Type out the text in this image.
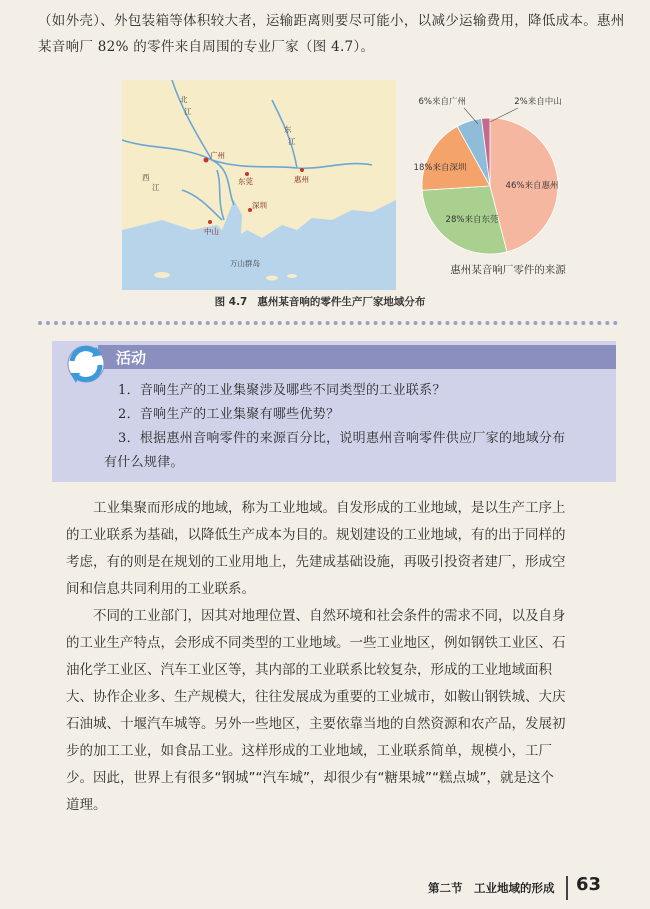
（如外壳）、外包装箱等体积较大者，运输距离则要尽可能小，以减少运输费用，降低成本。惠州某音响厂 82% 的零件来自周围的专业厂家（图 4.7）。
广州
东莞	惠州
深圳
中山
万山群岛
北
江
西
江
东
江
46%来自惠州
28%来自东莞
18%来自深圳
6%来自广州	2%来自中山
惠州某音响厂零件的来源
图 4.7 惠州某音响的零件生产厂家地域分布
活动
1．音响生产的工业集聚涉及哪些不同类型的工业联系？
2．音响生产的工业集聚有哪些优势？
3．根据惠州音响零件的来源百分比，说明惠州音响零件供应厂家的地域分布
有什么规律。

工业集聚而形成的地域，称为工业地域。自发形成的工业地域，是以生产工序上的工业联系为基础，以降低生产成本为目的。规划建设的工业地域，有的出于同样的考虑，有的则是在规划的工业用地上，先建成基础设施，再吸引投资者建厂，形成空间和信息共同利用的工业联系。

不同的工业部门，因其对地理位置、自然环境和社会条件的需求不同，以及自身的工业生产特点，会形成不同类型的工业地域。一些工业地区，例如钢铁工业区、石油化学工业区、汽车工业区等，其内部的工业联系比较复杂，形成的工业地域面积大、协作企业多、生产规模大，往往发展成为重要的工业城市，如鞍山钢铁城、大庆石油城、十堰汽车城等。另外一些地区，主要依靠当地的自然资源和农产品，发展初步的加工工业，如食品工业。这样形成的工业地域，工业联系简单，规模小，工厂少。因此，世界上有很多“钢城”“汽车城”，却很少有“糖果城”“糕点城”，就是这个道理。

第二节　工业地域的形成 63
